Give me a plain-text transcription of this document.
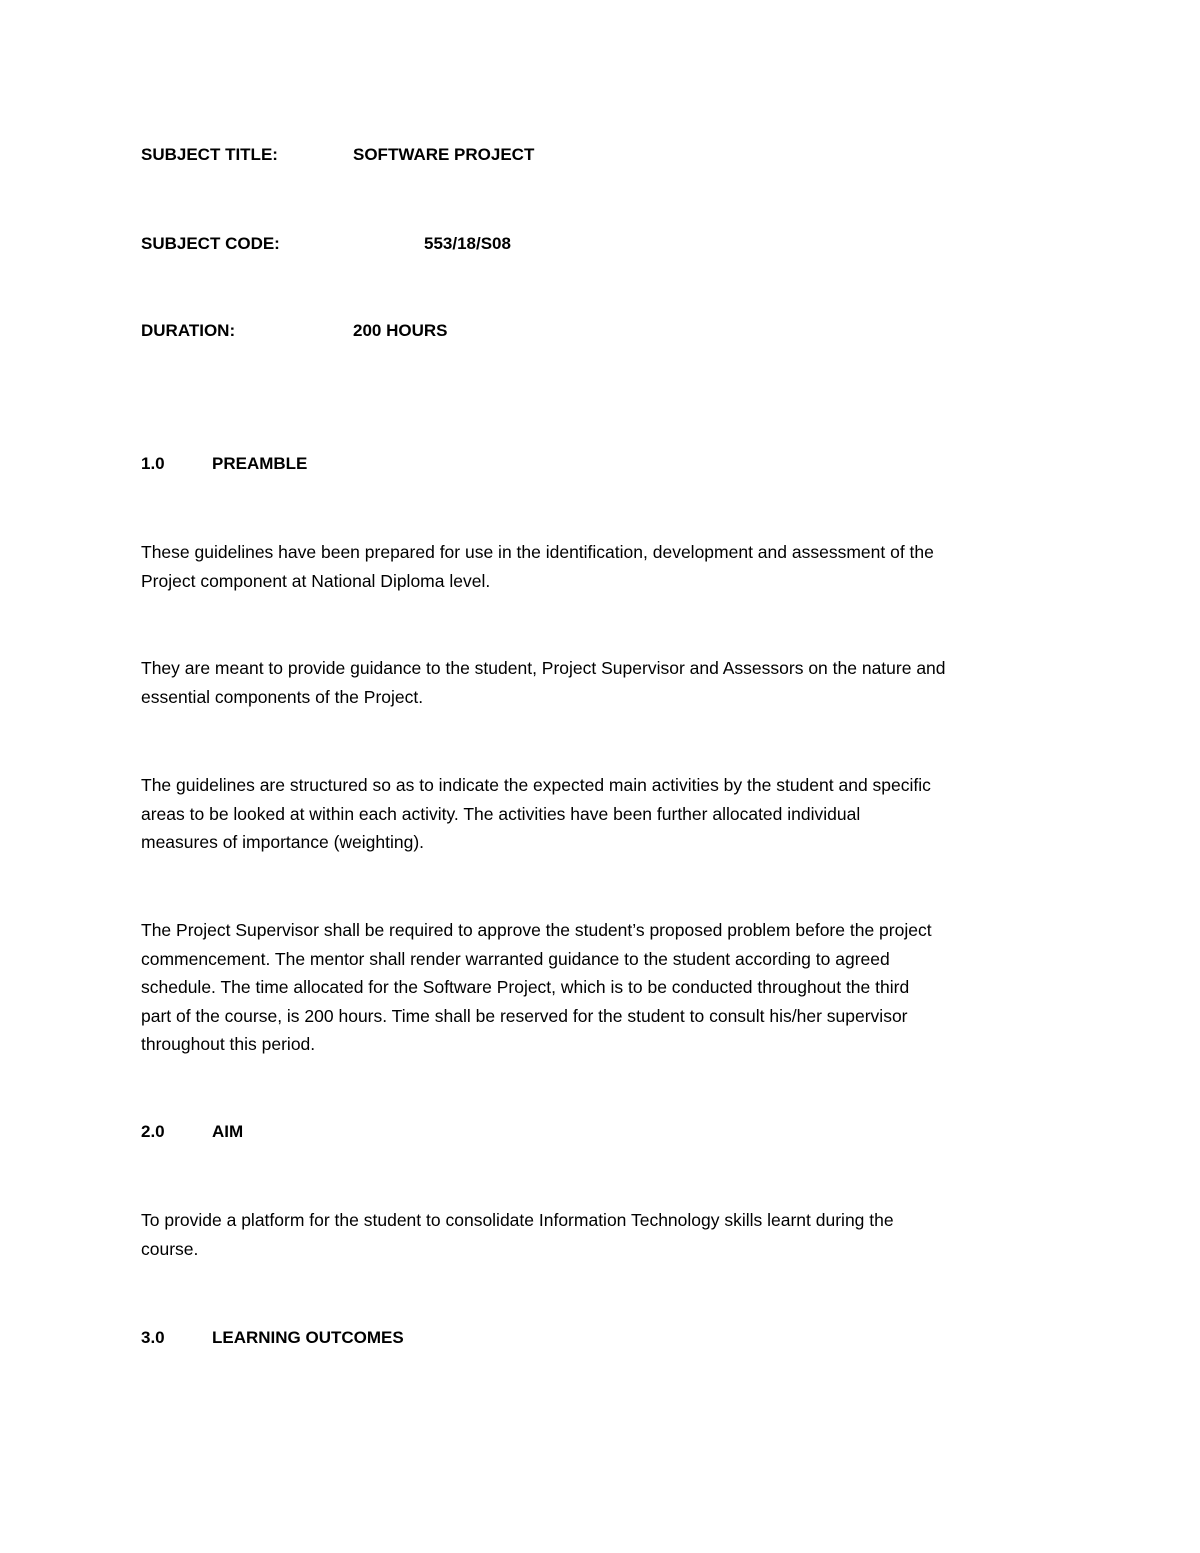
SUBJECT TITLE:	SOFTWARE PROJECT
SUBJECT CODE:	553/18/S08
DURATION:	200 HOURS
1.0	PREAMBLE
These guidelines have been prepared for use in the identification, development and assessment of the
Project component at National Diploma level.
They are meant to provide guidance to the student, Project Supervisor and Assessors on the nature and
essential components of the Project.
The guidelines are structured so as to indicate the expected main activities by the student and specific
areas to be looked at within each activity. The activities have been further allocated individual
measures of importance (weighting).
The Project Supervisor shall be required to approve the student’s proposed problem before the project
commencement. The mentor shall render warranted guidance to the student according to agreed
schedule. The time allocated for the Software Project, which is to be conducted throughout the third
part of the course, is 200 hours. Time shall be reserved for the student to consult his/her supervisor
throughout this period.
2.0	AIM
To provide a platform for the student to consolidate Information Technology skills learnt during the
course.
3.0	LEARNING OUTCOMES
